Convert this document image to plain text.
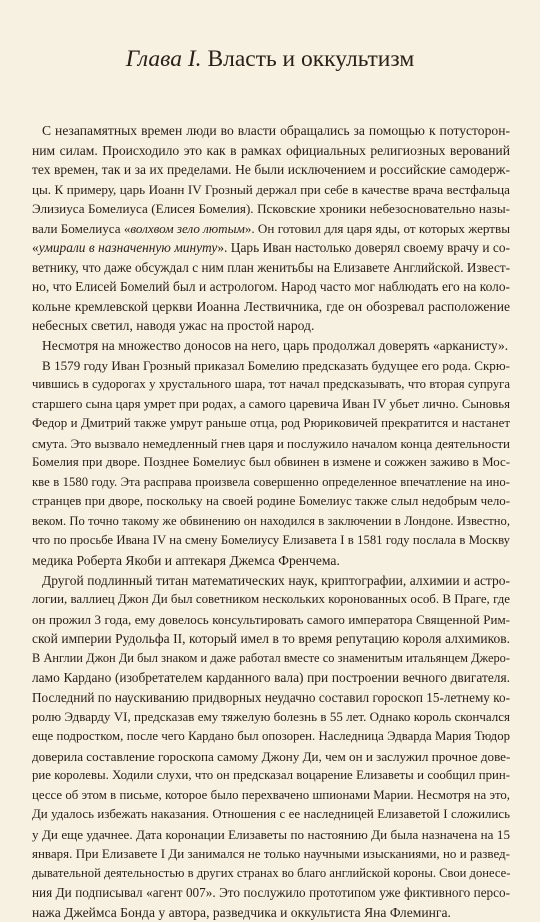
Глава I. Власть и оккультизм
С незапамятных времен люди во власти обращались за помощью к потусторон-
ним силам. Происходило это как в рамках официальных религиозных верований
тех времен, так и за их пределами. Не были исключением и российские самодерж-
цы. К примеру, царь Иоанн IV Грозный держал при себе в качестве врача вестфальца
Элизиуса Бомелиуса (Елисея Бомелия). Псковские хроники небезосновательно назы-
вали Бомелиуса «волхвом зело лютым». Он готовил для царя яды, от которых жертвы
«умирали в назначенную минуту». Царь Иван настолько доверял своему врачу и со-
ветнику, что даже обсуждал с ним план женитьбы на Елизавете Английской. Извест-
но, что Елисей Бомелий был и астрологом. Народ часто мог наблюдать его на коло-
кольне кремлевской церкви Иоанна Лествичника, где он обозревал расположение
небесных светил, наводя ужас на простой народ.
Несмотря на множество доносов на него, царь продолжал доверять «арканисту».
В 1579 году Иван Грозный приказал Бомелию предсказать будущее его рода. Скрю-
чившись в судорогах у хрустального шара, тот начал предсказывать, что вторая супруга
старшего сына царя умрет при родах, а самого царевича Иван IV убьет лично. Сыновья
Федор и Дмитрий также умрут раньше отца, род Рюриковичей прекратится и настанет
смута. Это вызвало немедленный гнев царя и послужило началом конца деятельности
Бомелия при дворе. Позднее Бомелиус был обвинен в измене и сожжен заживо в Мос-
кве в 1580 году. Эта расправа произвела совершенно определенное впечатление на ино-
странцев при дворе, поскольку на своей родине Бомелиус также слыл недобрым чело-
веком. По точно такому же обвинению он находился в заключении в Лондоне. Известно,
что по просьбе Ивана IV на смену Бомелиусу Елизавета I в 1581 году послала в Москву
медика Роберта Якоби и аптекаря Джемса Френчема.
Другой подлинный титан математических наук, криптографии, алхимии и астро-
логии, валлиец Джон Ди был советником нескольких коронованных особ. В Праге, где
он прожил 3 года, ему довелось консультировать самого императора Священной Рим-
ской империи Рудольфа II, который имел в то время репутацию короля алхимиков.
В Англии Джон Ди был знаком и даже работал вместе со знаменитым итальянцем Джеро-
ламо Кардано (изобретателем карданного вала) при построении вечного двигателя.
Последний по наускиванию придворных неудачно составил гороскоп 15-летнему ко-
ролю Эдварду VI, предсказав ему тяжелую болезнь в 55 лет. Однако король скончался
еще подростком, после чего Кардано был опозорен. Наследница Эдварда Мария Тюдор
доверила составление гороскопа самому Джону Ди, чем он и заслужил прочное дове-
рие королевы. Ходили слухи, что он предсказал воцарение Елизаветы и сообщил прин-
цессе об этом в письме, которое было перехвачено шпионами Марии. Несмотря на это,
Ди удалось избежать наказания. Отношения с ее наследницей Елизаветой I сложились
у Ди еще удачнее. Дата коронации Елизаветы по настоянию Ди была назначена на 15
января. При Елизавете I Ди занимался не только научными изысканиями, но и развед-
дывательной деятельностью в других странах во благо английской короны. Свои донесе-
ния Ди подписывал «агент 007». Это послужило прототипом уже фиктивного персо-
нажа Джеймса Бонда у автора, разведчика и оккультиста Яна Флеминга.
